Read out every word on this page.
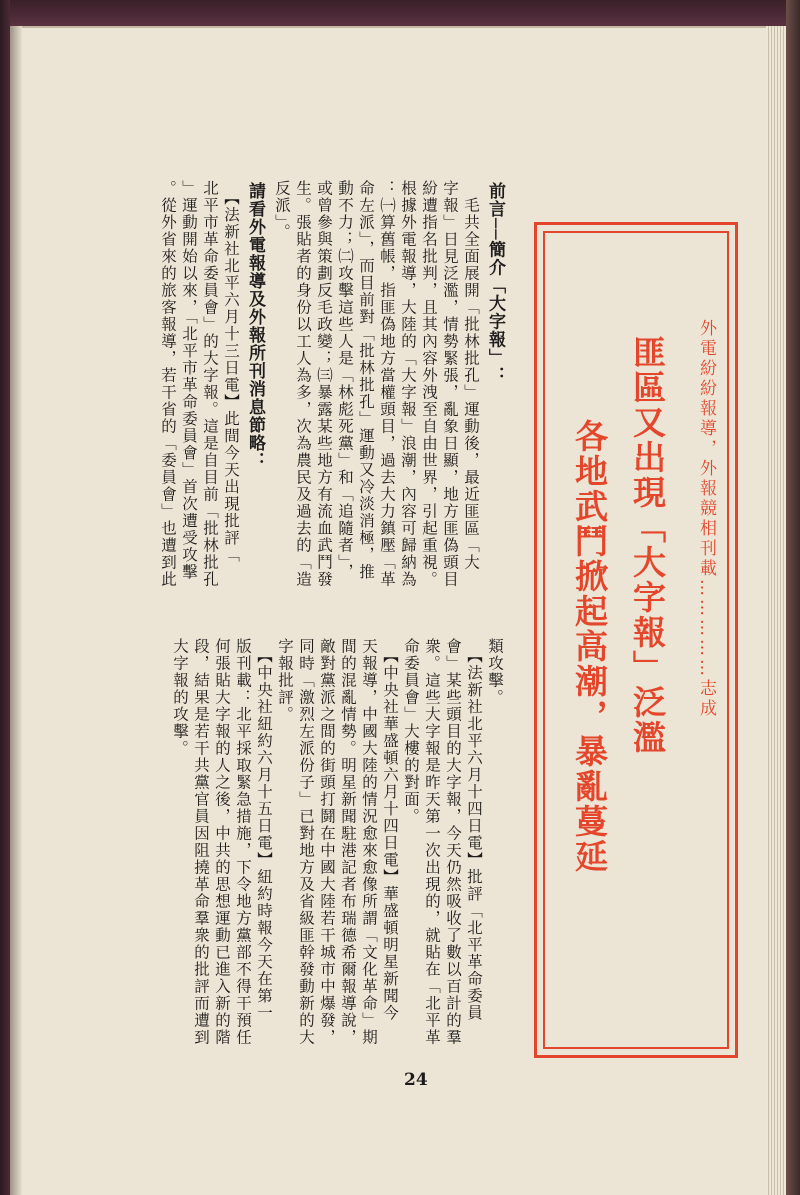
前言──簡介「大字報」：
　毛共全面展開「批林批孔」運動後，最近匪區「大
字報」日見泛濫，情勢緊張，亂象日顯，地方匪偽頭目
紛遭指名批判，且其內容外洩至自由世界，引起重視。
根據外電報導，大陸的「大字報」浪潮，內容可歸納為
：㈠算舊帳，指匪偽地方當權頭目，過去大力鎮壓「革
命左派」，而目前對「批林批孔」運動又冷淡消極，推
動不力；㈡攻擊這些人是「林彪死黨」和「追隨者」，
或曾參與策劃反毛政變；㈢暴露某些地方有流血武鬥發
生。張貼者的身份以工人為多，次為農民及過去的「造
反派」。
請看外電報導及外報所刊消息節略：
　【法新社北平六月十三日電】此間今天出現批評「
北平市革命委員會」的大字報。這是自目前「批林批孔
」運動開始以來，「北平市革命委員會」首次遭受攻擊
。從外省來的旅客報導，若干省的「委員會」也遭到此
類攻擊。
　【法新社北平六月十四日電】批評「北平革命委員
會」某些頭目的大字報，今天仍然吸收了數以百計的羣
衆。這些大字報是昨天第一次出現的，就貼在「北平革
命委員會」大樓的對面。
　【中央社華盛頓六月十四日電】華盛頓明星新聞今
天報導，中國大陸的情況愈來愈像所謂「文化革命」期
間的混亂情勢。明星新聞駐港記者布瑞德希爾報導說，
敵對黨派之間的街頭打鬪在中國大陸若干城市中爆發，
同時「激烈左派份子」已對地方及省級匪幹發動新的大
字報批評。
　【中央社紐約六月十五日電】紐約時報今天在第一
版刊載：北平採取緊急措施，下令地方黨部不得干預任
何張貼大字報的人之後，中共的思想運動已進入新的階
段，結果是若干共黨官員因阻撓革命羣衆的批評而遭到
大字報的攻擊。	外電紛紛報導，外報競相刊載……………志成
匪區又出現「大字報」泛濫
各地武鬥掀起高潮，暴亂蔓延
24
